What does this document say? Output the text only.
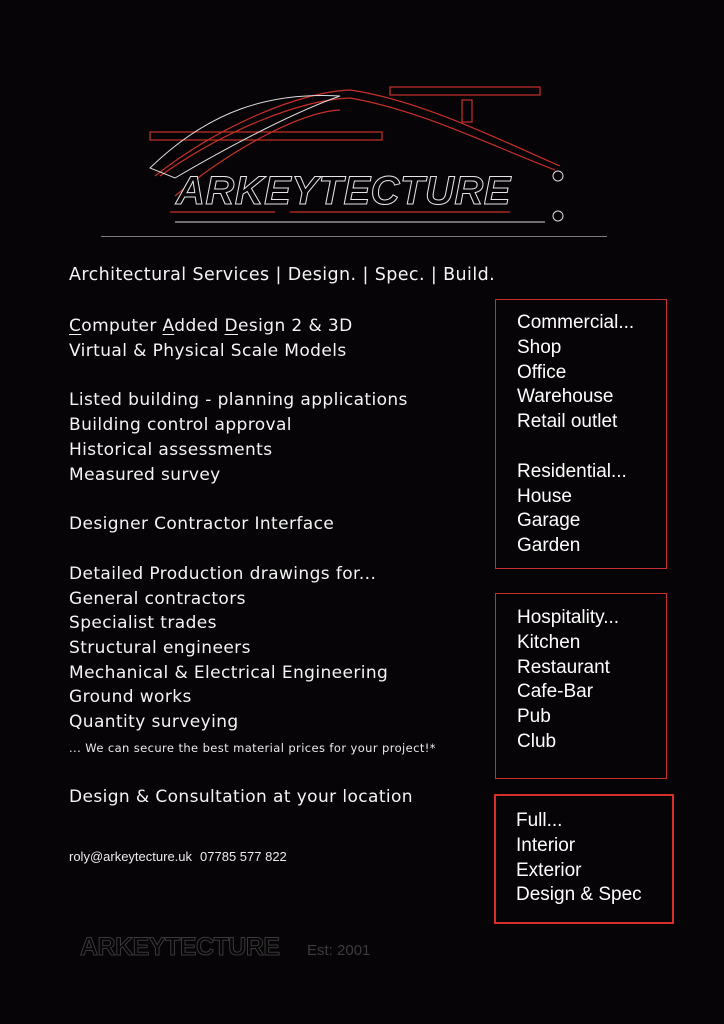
ARKEYTECTURE
Architectural Services | Design. | Spec. | Build.
Computer Added Design 2 & 3D
Virtual & Physical Scale Models
Listed building - planning applications
Building control approval
Historical assessments
Measured survey
Designer Contractor Interface
Detailed Production drawings for...
General contractors
Specialist trades
Structural engineers
Mechanical & Electrical Engineering
Ground works
Quantity surveying
... We can secure the best material prices for your project!*
Design & Consultation at your location
roly@arkeytecture.uk 07785 577 822
Commercial...
Shop
Office
Warehouse
Retail outlet
Residential...
House
Garage
Garden
Hospitality...
Kitchen
Restaurant
Cafe-Bar
Pub
Club
Full...
Interior
Exterior
Design & Spec
ARKEYTECTURE Est: 2001
